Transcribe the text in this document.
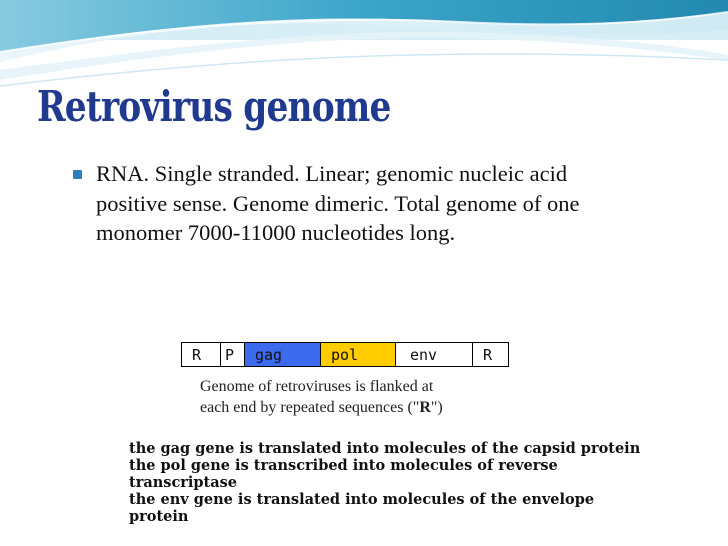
Retrovirus genome
RNA. Single stranded. Linear; genomic nucleic acid
positive sense. Genome dimeric. Total genome of one
monomer 7000-11000 nucleotides long.
R P gag	pol	env	R
Genome of retroviruses is flanked at
each end by repeated sequences ("R")
the gag gene is translated into molecules of the capsid protein
the pol gene is transcribed into molecules of reverse
transcriptase
the env gene is translated into molecules of the envelope
protein
